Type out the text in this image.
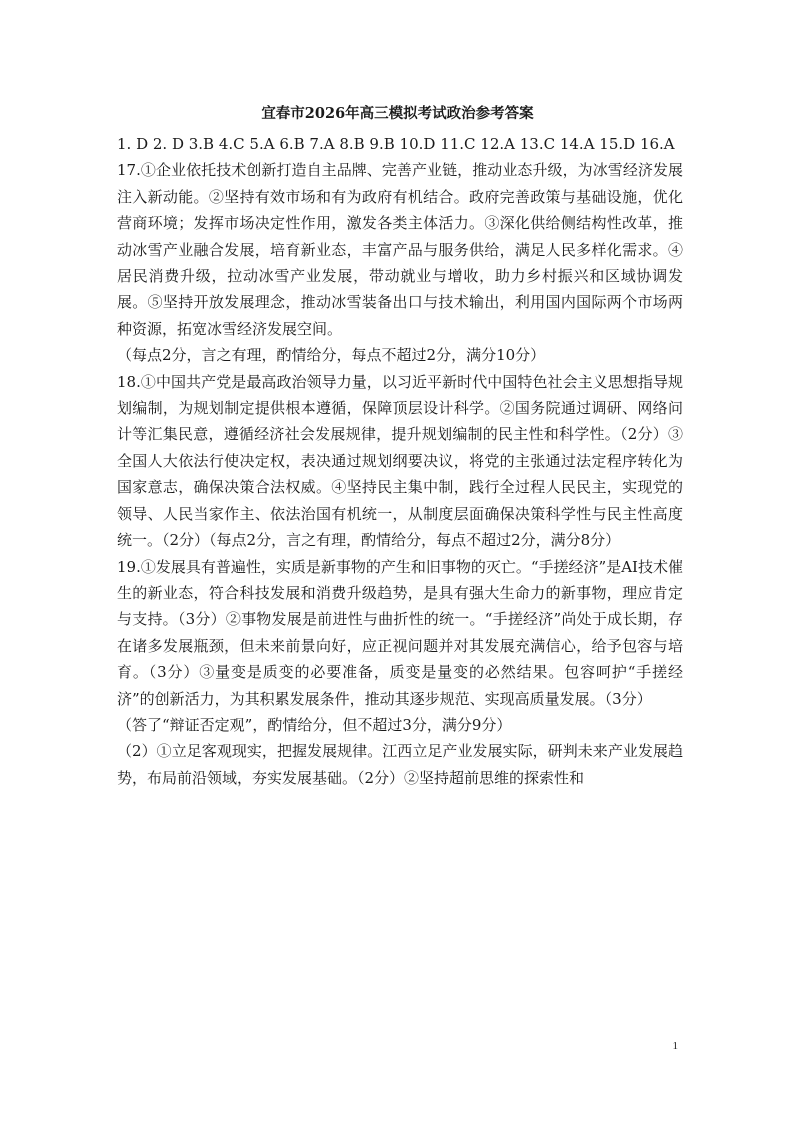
宜春市2026年高三模拟考试政治参考答案

1. D 2. D 3.B 4.C 5.A 6.B 7.A 8.B 9.B 10.D 11.C 12.A 13.C 14.A 15.D 16.A

17.①企业依托技术创新打造自主品牌、完善产业链，推动业态升级，为冰雪经济发展注入新动能。②坚持有效市场和有为政府有机结合。政府完善政策与基础设施，优化营商环境；发挥市场决定性作用，激发各类主体活力。③深化供给侧结构性改革，推动冰雪产业融合发展，培育新业态，丰富产品与服务供给，满足人民多样化需求。④居民消费升级，拉动冰雪产业发展，带动就业与增收，助力乡村振兴和区域协调发展。⑤坚持开放发展理念，推动冰雪装备出口与技术输出，利用国内国际两个市场两种资源，拓宽冰雪经济发展空间。

（每点2分，言之有理，酌情给分，每点不超过2分，满分10分）

18.①中国共产党是最高政治领导力量，以习近平新时代中国特色社会主义思想指导规划编制，为规划制定提供根本遵循，保障顶层设计科学。②国务院通过调研、网络问计等汇集民意，遵循经济社会发展规律，提升规划编制的民主性和科学性。（2分）③全国人大依法行使决定权，表决通过规划纲要决议，将党的主张通过法定程序转化为国家意志，确保决策合法权威。④坚持民主集中制，践行全过程人民民主，实现党的领导、人民当家作主、依法治国有机统一，从制度层面确保决策科学性与民主性高度统一。（2分）（每点2分，言之有理，酌情给分，每点不超过2分，满分8分）

19.①发展具有普遍性，实质是新事物的产生和旧事物的灭亡。“手搓经济”是AI技术催生的新业态，符合科技发展和消费升级趋势，是具有强大生命力的新事物，理应肯定与支持。（3分）②事物发展是前进性与曲折性的统一。“手搓经济”尚处于成长期，存在诸多发展瓶颈，但未来前景向好，应正视问题并对其发展充满信心，给予包容与培育。（3分）③量变是质变的必要准备，质变是量变的必然结果。包容呵护“手搓经济”的创新活力，为其积累发展条件，推动其逐步规范、实现高质量发展。（3分）

（答了“辩证否定观”，酌情给分，但不超过3分，满分9分）

（2）①立足客观现实，把握发展规律。江西立足产业发展实际，研判未来产业发展趋势，布局前沿领域，夯实发展基础。（2分）②坚持超前思维的探索性和

1
